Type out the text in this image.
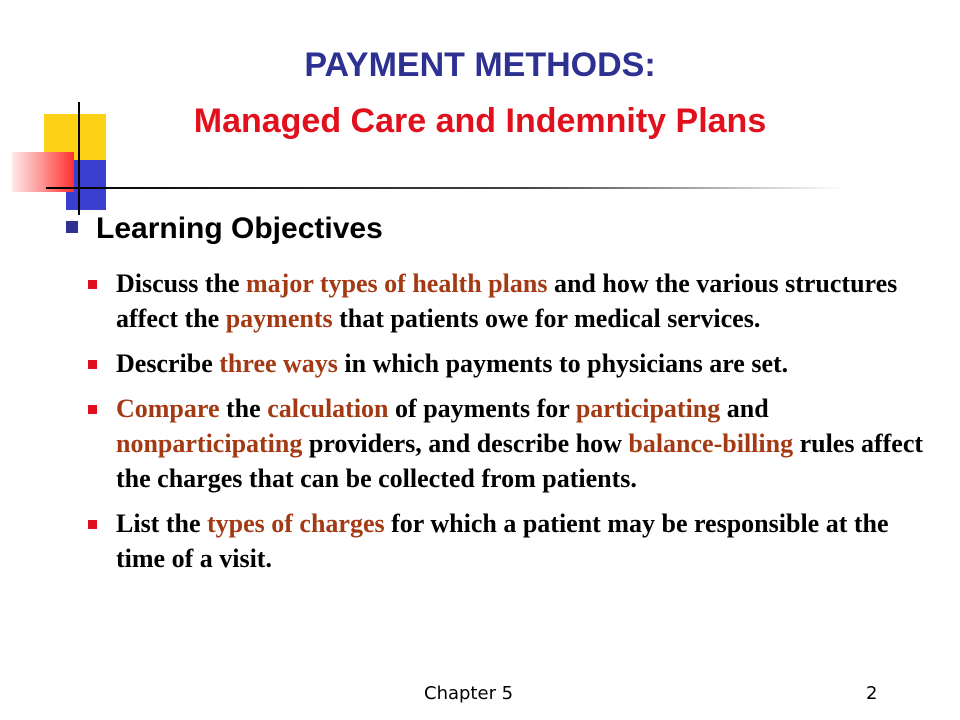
PAYMENT METHODS:
Managed Care and Indemnity Plans
Learning Objectives
Discuss the major types of health plans and how the various structures affect the payments that patients owe for medical services.
Describe three ways in which payments to physicians are set.
Compare the calculation of payments for participating and nonparticipating providers, and describe how balance-billing rules affect the charges that can be collected from patients.
List the types of charges for which a patient may be responsible at the time of a visit.
Chapter 5	2
